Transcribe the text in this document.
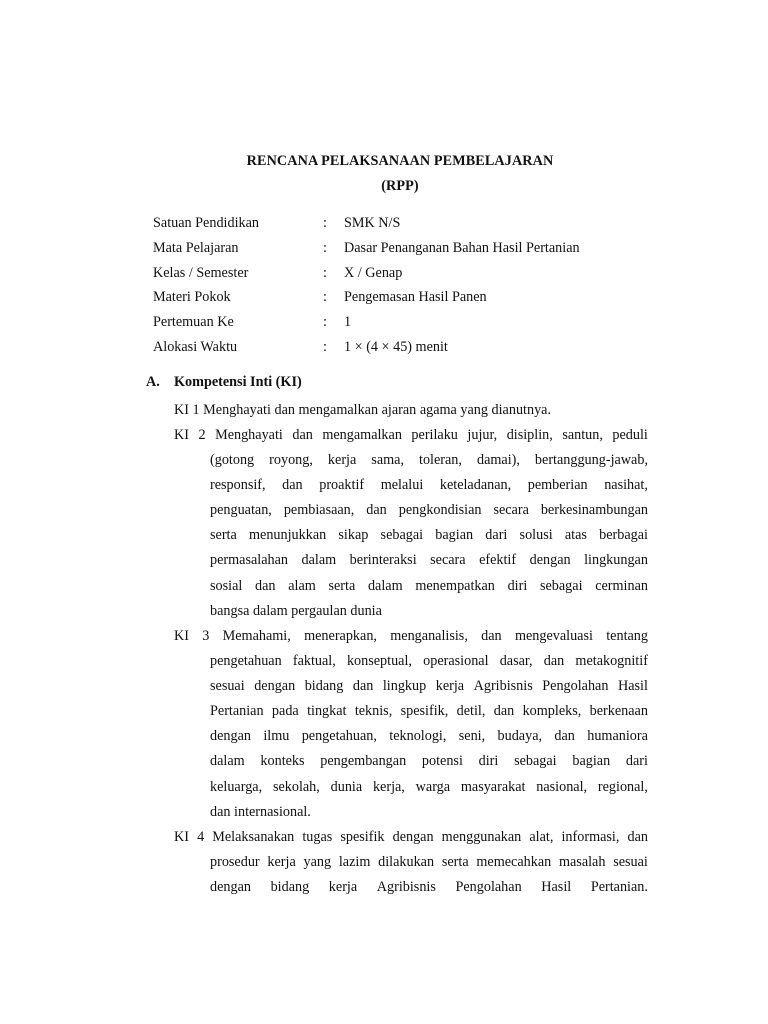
RENCANA PELAKSANAAN PEMBELAJARAN
(RPP)
Satuan Pendidikan	: SMK N/S
Mata Pelajaran	: Dasar Penanganan Bahan Hasil Pertanian
Kelas / Semester	: X / Genap
Materi Pokok	: Pengemasan Hasil Panen
Pertemuan Ke	: 1
Alokasi Waktu	: 1 × (4 × 45) menit
A. Kompetensi Inti (KI)
KI 1 Menghayati dan mengamalkan ajaran agama yang dianutnya.
KI 2 Menghayati dan mengamalkan perilaku jujur, disiplin, santun, peduli
(gotong royong, kerja sama, toleran, damai), bertanggung-jawab,
responsif, dan proaktif melalui keteladanan, pemberian nasihat,
penguatan, pembiasaan, dan pengkondisian secara berkesinambungan
serta menunjukkan sikap sebagai bagian dari solusi atas berbagai
permasalahan dalam berinteraksi secara efektif dengan lingkungan
sosial dan alam serta dalam menempatkan diri sebagai cerminan
bangsa dalam pergaulan dunia
KI 3 Memahami, menerapkan, menganalisis, dan mengevaluasi tentang
pengetahuan faktual, konseptual, operasional dasar, dan metakognitif
sesuai dengan bidang dan lingkup kerja Agribisnis Pengolahan Hasil
Pertanian pada tingkat teknis, spesifik, detil, dan kompleks, berkenaan
dengan ilmu pengetahuan, teknologi, seni, budaya, dan humaniora
dalam konteks pengembangan potensi diri sebagai bagian dari
keluarga, sekolah, dunia kerja, warga masyarakat nasional, regional,
dan internasional.
KI 4 Melaksanakan tugas spesifik dengan menggunakan alat, informasi, dan
prosedur kerja yang lazim dilakukan serta memecahkan masalah sesuai
dengan bidang kerja Agribisnis Pengolahan Hasil Pertanian.
